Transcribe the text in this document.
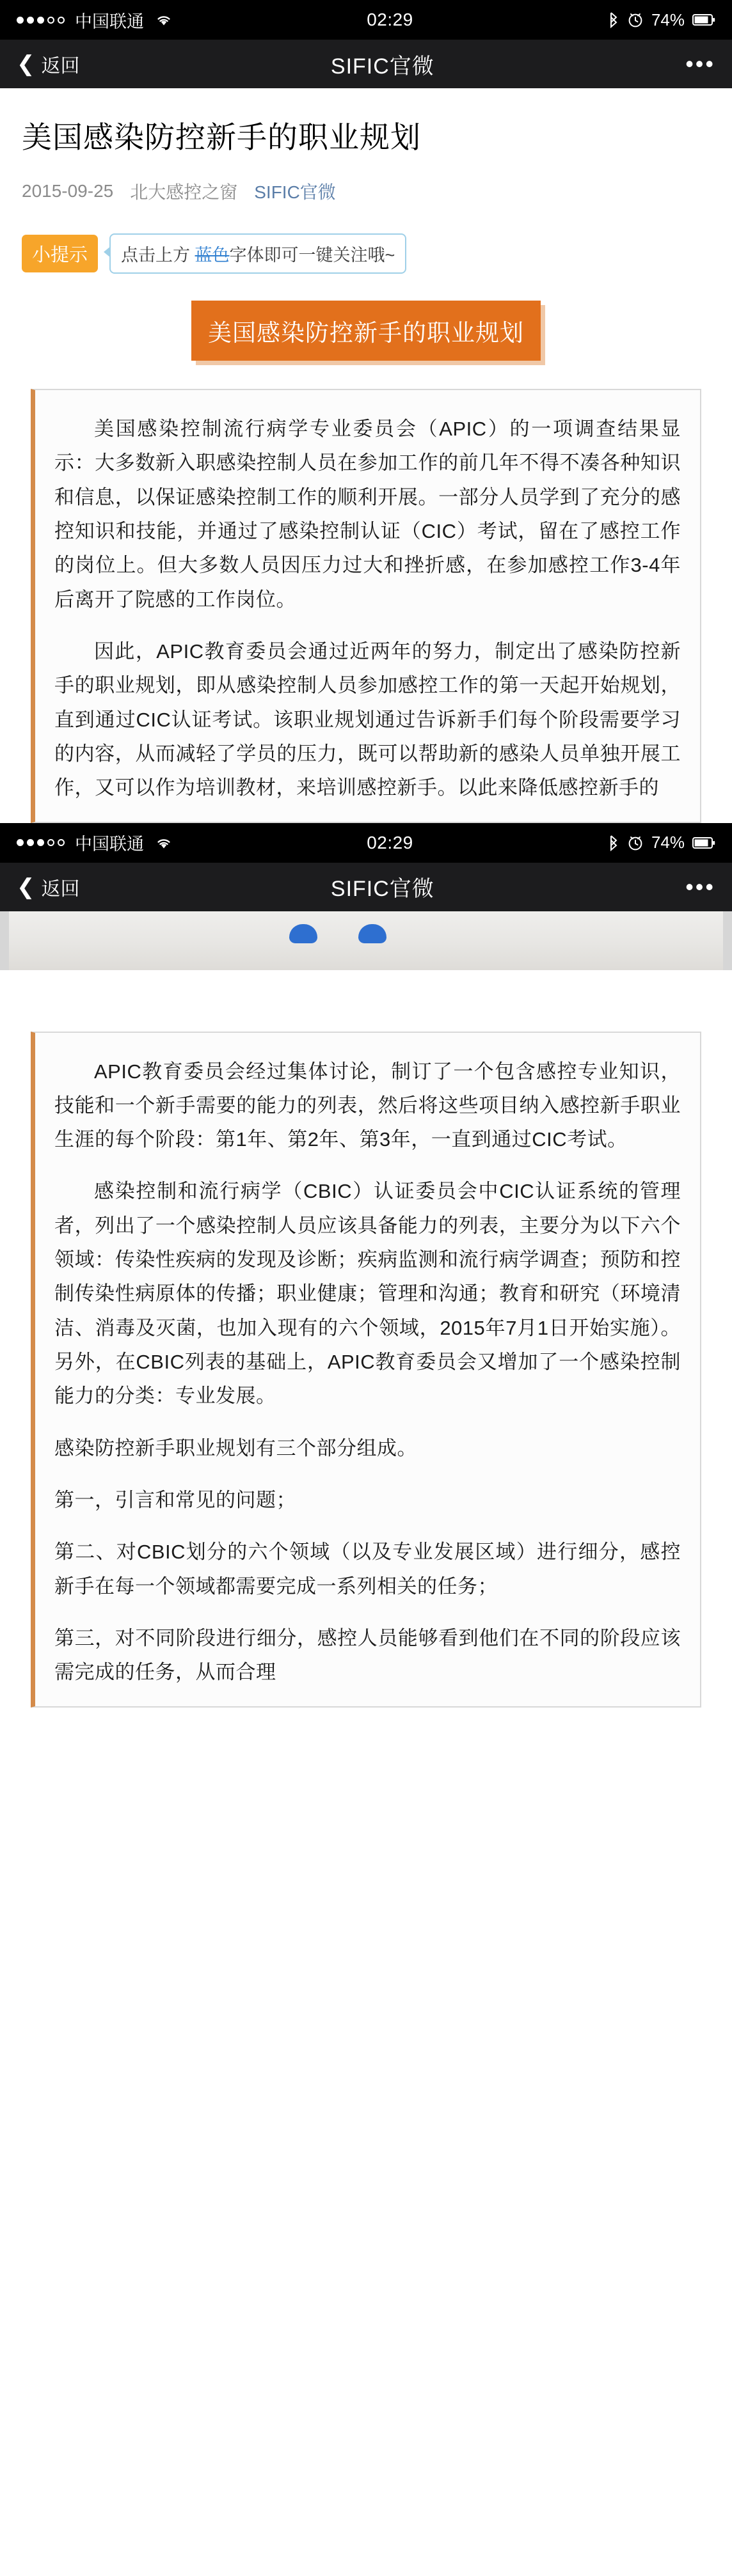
中国联通	02:29	74%
❮ 返回	SIFIC官微	•••
美国感染防控新手的职业规划
2015-09-25 北大感控之窗 SIFIC官微
小提示	点击上方 蓝色字体即可一键关注哦~
美国感染防控新手的职业规划

美国感染控制流行病学专业委员会（APIC）的一项调查结果显示：大多数新入职感染控制人员在参加工作的前几年不得不凑各种知识和信息，以保证感染控制工作的顺利开展。一部分人员学到了充分的感控知识和技能，并通过了感染控制认证（CIC）考试，留在了感控工作的岗位上。但大多数人员因压力过大和挫折感，在参加感控工作3-4年后离开了院感的工作岗位。

因此，APIC教育委员会通过近两年的努力，制定出了感染防控新手的职业规划，即从感染控制人员参加感控工作的第一天起开始规划，直到通过CIC认证考试。该职业规划通过告诉新手们每个阶段需要学习的内容，从而减轻了学员的压力，既可以帮助新的感染人员单独开展工作，又可以作为培训教材，来培训感控新手。以此来降低感控新手的

中国联通	02:29	74%
❮ 返回	SIFIC官微	•••

APIC教育委员会经过集体讨论，制订了一个包含感控专业知识，技能和一个新手需要的能力的列表，然后将这些项目纳入感控新手职业生涯的每个阶段：第1年、第2年、第3年，一直到通过CIC考试。

感染控制和流行病学（CBIC）认证委员会中CIC认证系统的管理者，列出了一个感染控制人员应该具备能力的列表，主要分为以下六个领域：传染性疾病的发现及诊断；疾病监测和流行病学调查；预防和控制传染性病原体的传播；职业健康；管理和沟通；教育和研究（环境清洁、消毒及灭菌，也加入现有的六个领域，2015年7月1日开始实施）。另外，在CBIC列表的基础上，APIC教育委员会又增加了一个感染控制能力的分类：专业发展。

感染防控新手职业规划有三个部分组成。

第一，引言和常见的问题；

第二、对CBIC划分的六个领域（以及专业发展区域）进行细分，感控新手在每一个领域都需要完成一系列相关的任务；

第三，对不同阶段进行细分，感控人员能够看到他们在不同的阶段应该需完成的任务，从而合理
